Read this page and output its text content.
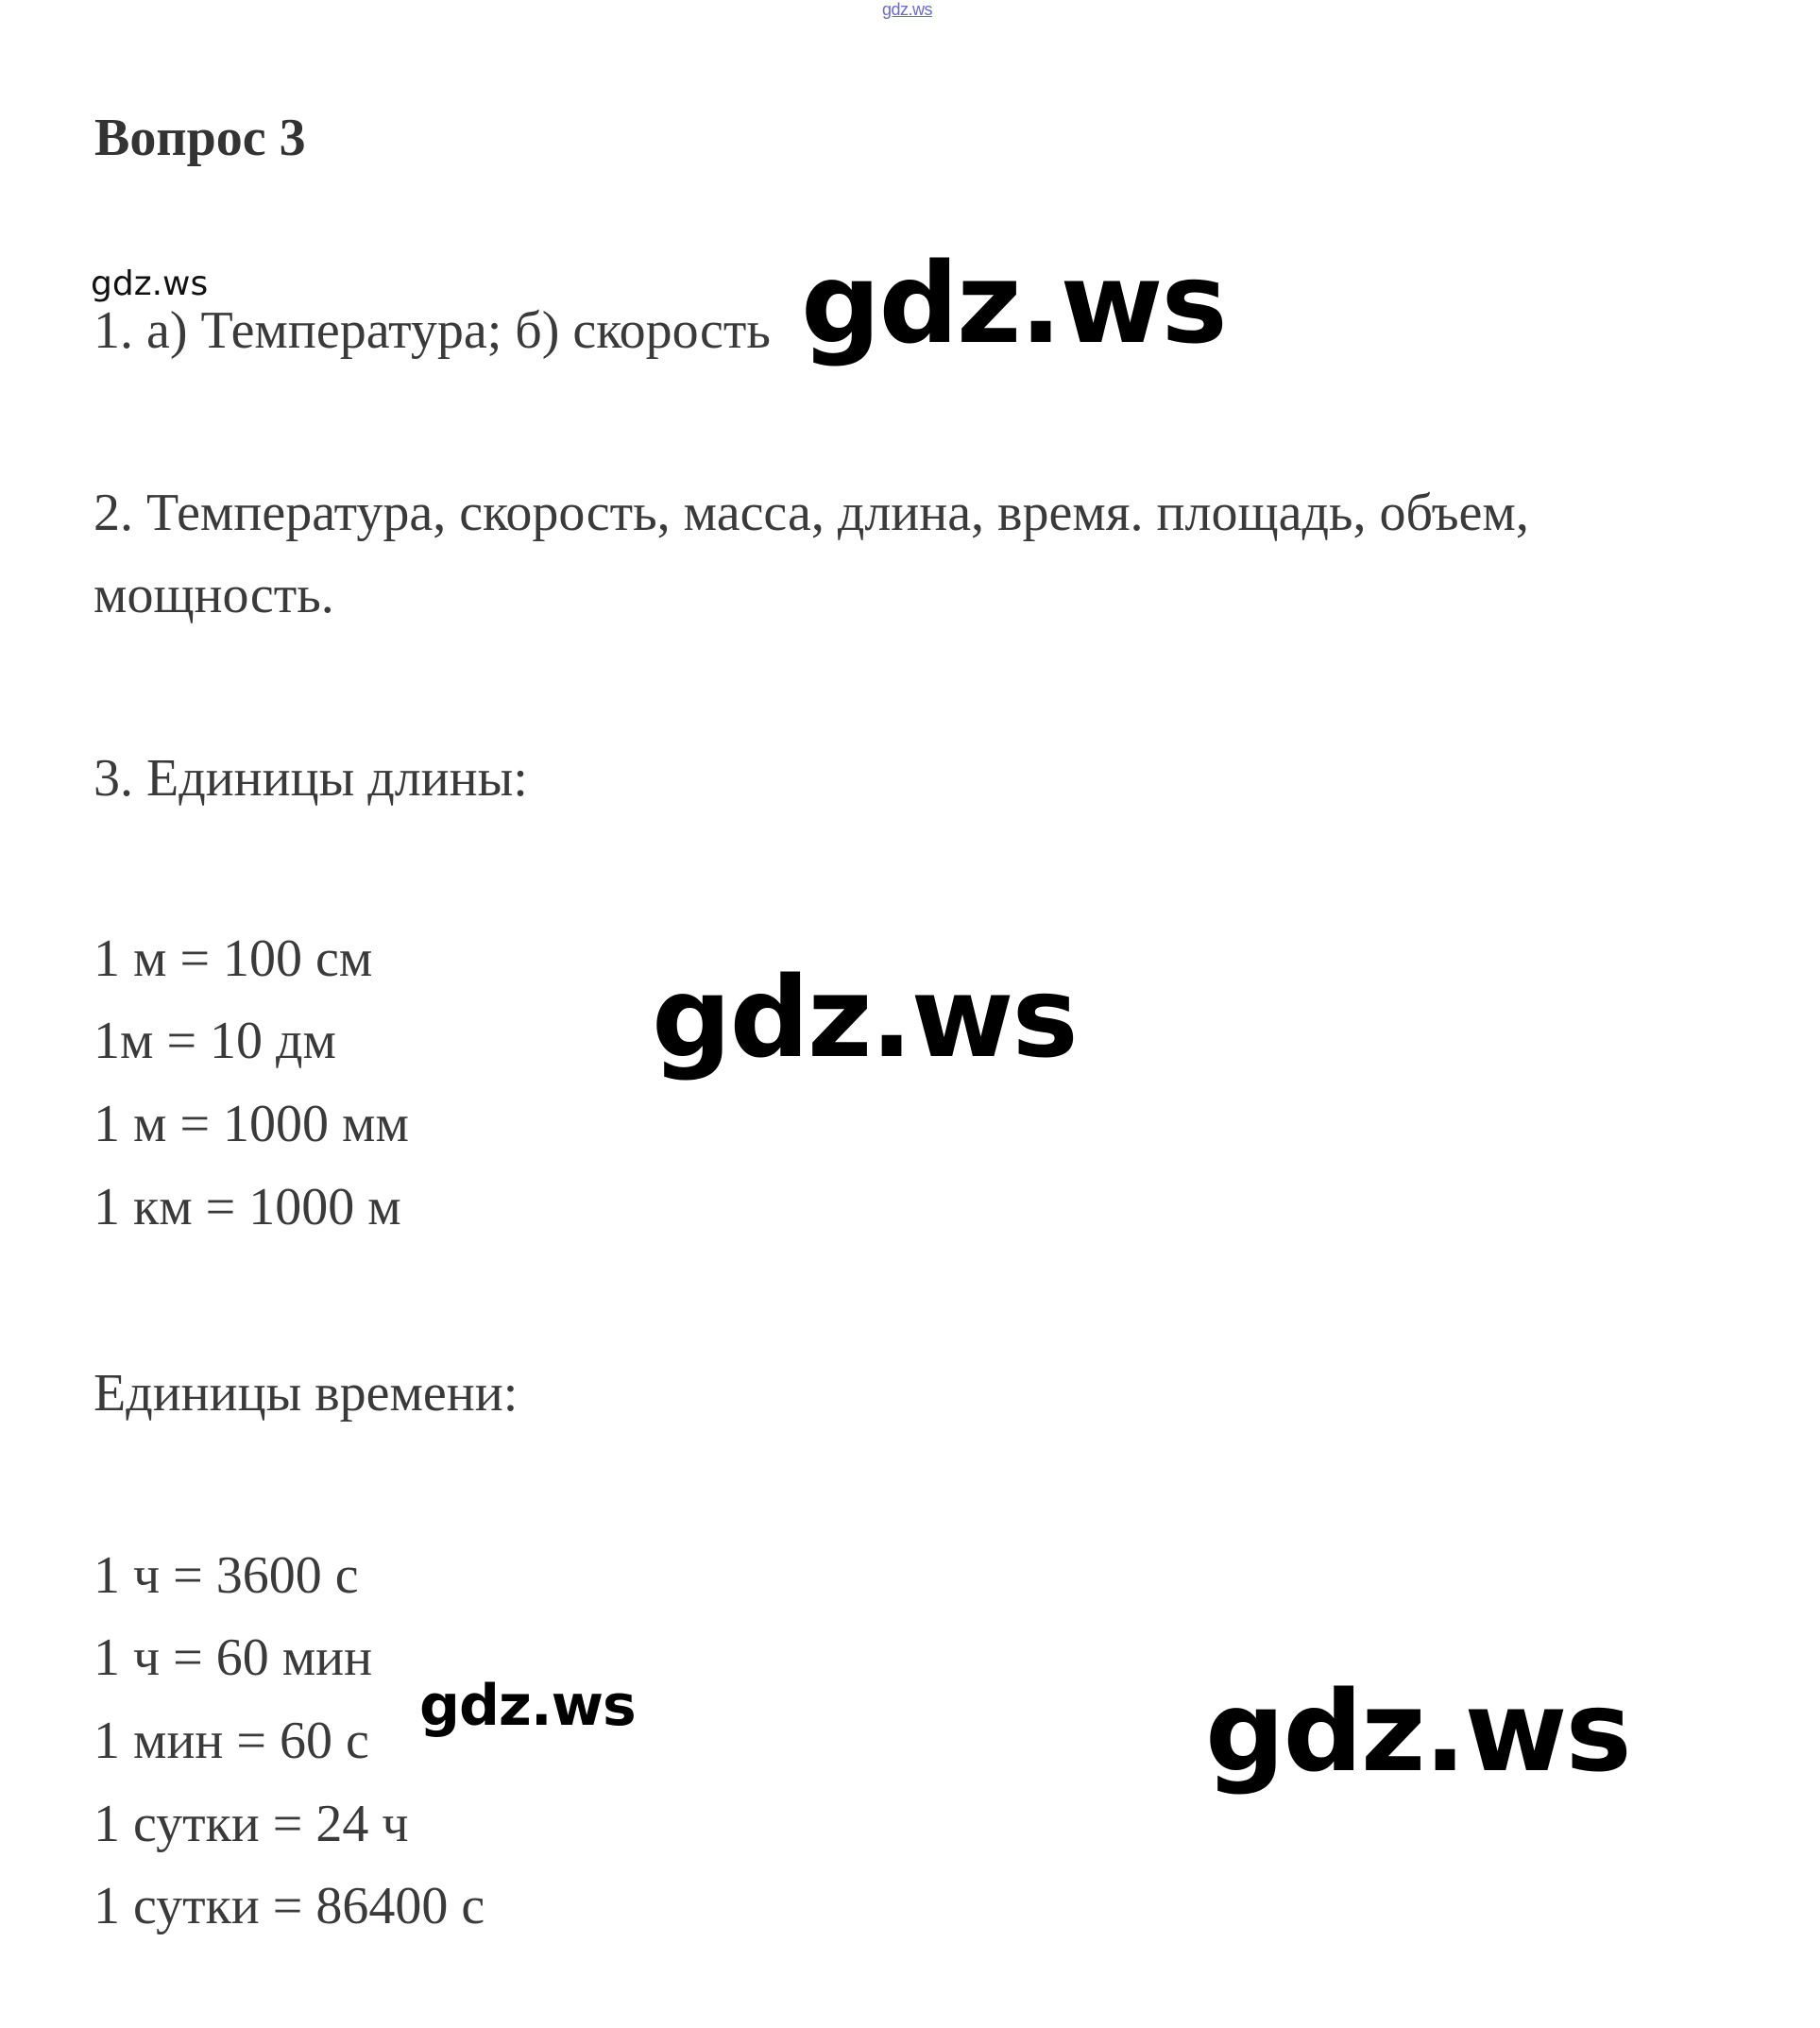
gdz.ws
Вопрос 3
gdz.ws
1. а) Температура; б) скорость gdz.ws
2. Температура, скорость, масса, длина, время. площадь, объем,
мощность.
3. Единицы длины:
1 м = 100 см
1м = 10 дм
1 м = 1000 мм
1 км = 1000 м
gdz.ws
Единицы времени:
1 ч = 3600 с
1 ч = 60 мин
1 мин = 60 с
1 сутки = 24 ч
1 сутки = 86400 с
gdz.ws	gdz.ws
